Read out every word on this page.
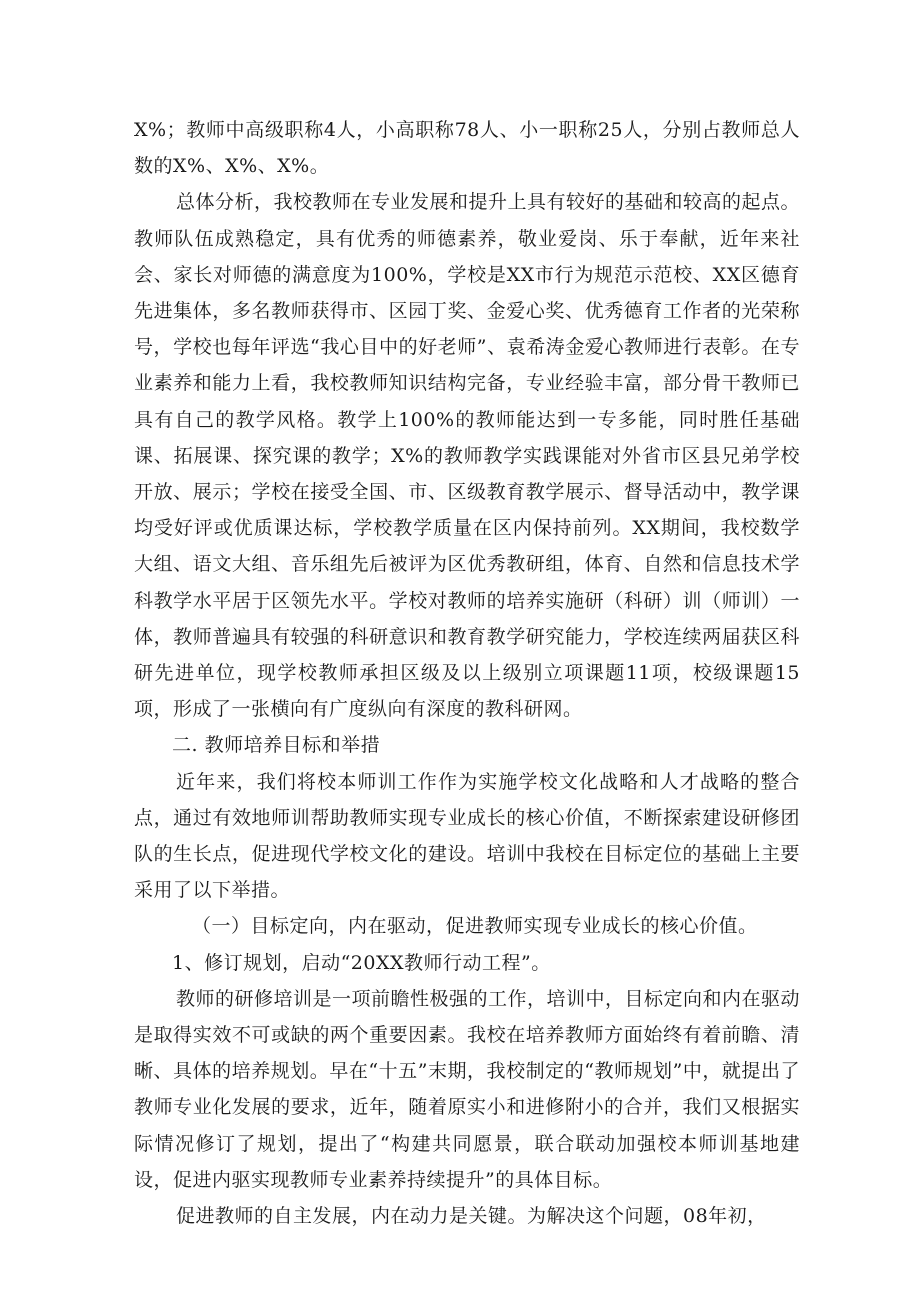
X%；教师中高级职称4人，小高职称78人、小一职称25人，分别占教师总人数的X%、X%、X%。

总体分析，我校教师在专业发展和提升上具有较好的基础和较高的起点。教师队伍成熟稳定，具有优秀的师德素养，敬业爱岗、乐于奉献，近年来社会、家长对师德的满意度为100%，学校是XX市行为规范示范校、XX区德育先进集体，多名教师获得市、区园丁奖、金爱心奖、优秀德育工作者的光荣称号，学校也每年评选“我心目中的好老师”、袁希涛金爱心教师进行表彰。在专业素养和能力上看，我校教师知识结构完备，专业经验丰富，部分骨干教师已具有自己的教学风格。教学上100%的教师能达到一专多能，同时胜任基础课、拓展课、探究课的教学；X%的教师教学实践课能对外省市区县兄弟学校开放、展示；学校在接受全国、市、区级教育教学展示、督导活动中，教学课均受好评或优质课达标，学校教学质量在区内保持前列。XX期间，我校数学大组、语文大组、音乐组先后被评为区优秀教研组，体育、自然和信息技术学科教学水平居于区领先水平。学校对教师的培养实施研（科研）训（师训）一体，教师普遍具有较强的科研意识和教育教学研究能力，学校连续两届获区科研先进单位，现学校教师承担区级及以上级别立项课题11项，校级课题15项，形成了一张横向有广度纵向有深度的教科研网。

二. 教师培养目标和举措

近年来，我们将校本师训工作作为实施学校文化战略和人才战略的整合点，通过有效地师训帮助教师实现专业成长的核心价值，不断探索建设研修团队的生长点，促进现代学校文化的建设。培训中我校在目标定位的基础上主要采用了以下举措。

（一）目标定向，内在驱动，促进教师实现专业成长的核心价值。

1、修订规划，启动“20XX教师行动工程”。

教师的研修培训是一项前瞻性极强的工作，培训中，目标定向和内在驱动是取得实效不可或缺的两个重要因素。我校在培养教师方面始终有着前瞻、清晰、具体的培养规划。早在“十五”末期，我校制定的“教师规划”中，就提出了教师专业化发展的要求，近年，随着原实小和进修附小的合并，我们又根据实际情况修订了规划，提出了“构建共同愿景，联合联动加强校本师训基地建设，促进内驱实现教师专业素养持续提升”的具体目标。

促进教师的自主发展，内在动力是关键。为解决这个问题，08年初，
